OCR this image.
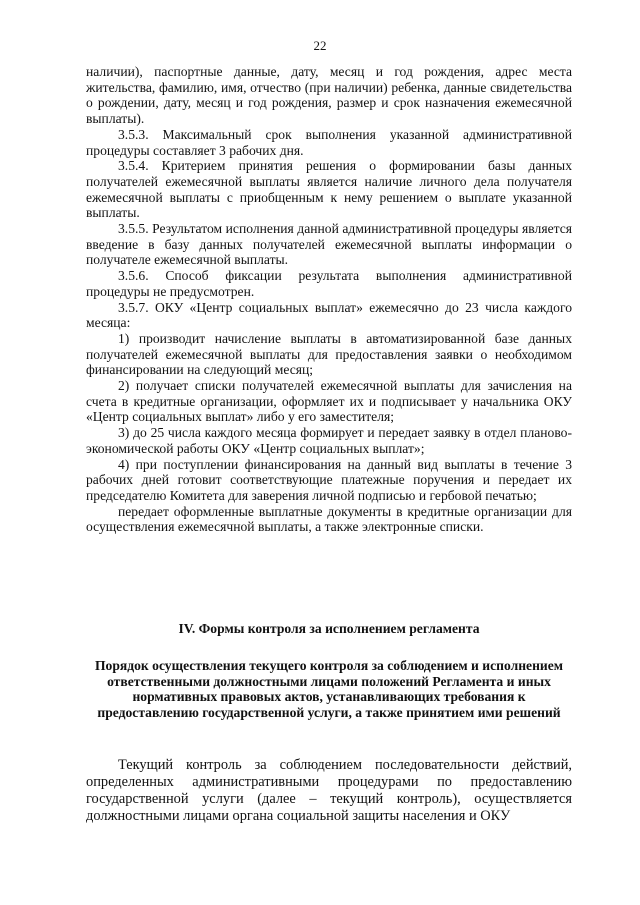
22

наличии), паспортные данные, дату, месяц и год рождения, адрес места жительства, фамилию, имя, отчество (при наличии) ребенка, данные свидетельства о рождении, дату, месяц и год рождения, размер и срок назначения ежемесячной выплаты).

3.5.3. Максимальный срок выполнения указанной административной процедуры составляет 3 рабочих дня.

3.5.4. Критерием принятия решения о формировании базы данных получателей ежемесячной выплаты является наличие личного дела получателя ежемесячной выплаты с приобщенным к нему решением о выплате указанной выплаты.

3.5.5. Результатом исполнения данной административной процедуры является введение в базу данных получателей ежемесячной выплаты информации о получателе ежемесячной выплаты.

3.5.6. Способ фиксации результата выполнения административной процедуры не предусмотрен.

3.5.7. ОКУ «Центр социальных выплат» ежемесячно до 23 числа каждого месяца:

1) производит начисление выплаты в автоматизированной базе данных получателей ежемесячной выплаты для предоставления заявки о необходимом финансировании на следующий месяц;

2) получает списки получателей ежемесячной выплаты для зачисления на счета в кредитные организации, оформляет их и подписывает у начальника ОКУ «Центр социальных выплат» либо у его заместителя;

3) до 25 числа каждого месяца формирует и передает заявку в отдел планово-экономической работы ОКУ «Центр социальных выплат»;

4) при поступлении финансирования на данный вид выплаты в течение 3 рабочих дней готовит соответствующие платежные поручения и передает их председателю Комитета для заверения личной подписью и гербовой печатью;

передает оформленные выплатные документы в кредитные организации для осуществления ежемесячной выплаты, а также электронные списки.

IV. Формы контроля за исполнением регламента
Порядок осуществления текущего контроля за соблюдением и исполнением ответственными должностными лицами положений Регламента и иных нормативных правовых актов, устанавливающих требования к предоставлению государственной услуги, а также принятием ими решений

Текущий контроль за соблюдением последовательности действий, определенных административными процедурами по предоставлению государственной услуги (далее – текущий контроль), осуществляется должностными лицами органа социальной защиты населения и ОКУ
